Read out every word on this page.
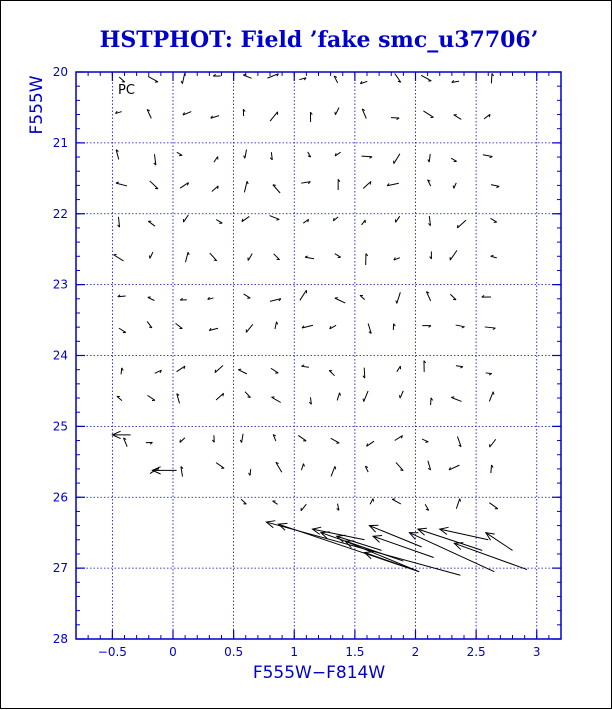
HSTPHOT: Field ’fake smc_u37706’
PC
F555W−F814W
F555W
−0.5	0	0.5	1	1.5	2	2.5	3
20
21
22
23
24
25
26
27
28
